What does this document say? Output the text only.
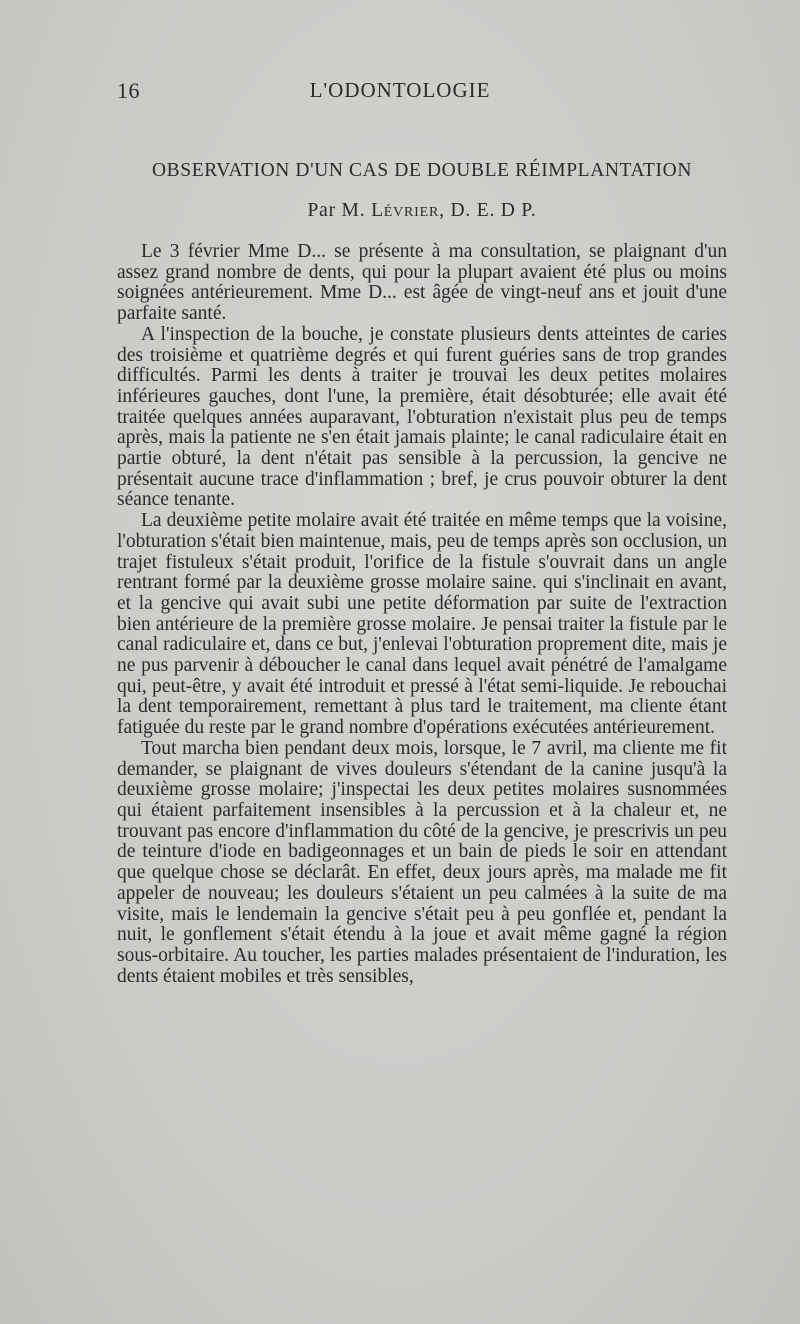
16	L'ODONTOLOGIE
OBSERVATION D'UN CAS DE DOUBLE RÉIMPLANTATION
Par M. Lévrier, D. E. D P.

Le 3 février Mme D... se présente à ma consultation, se plaignant d'un assez grand nombre de dents, qui pour la plupart avaient été plus ou moins soignées antérieurement. Mme D... est âgée de vingt-neuf ans et jouit d'une parfaite santé.

A l'inspection de la bouche, je constate plusieurs dents atteintes de caries des troisième et quatrième degrés et qui furent guéries sans de trop grandes difficultés. Parmi les dents à traiter je trouvai les deux petites molaires inférieures gauches, dont l'une, la première, était désobturée; elle avait été traitée quelques années auparavant, l'obturation n'existait plus peu de temps après, mais la patiente ne s'en était jamais plainte; le canal radiculaire était en partie obturé, la dent n'était pas sensible à la percussion, la gencive ne présentait aucune trace d'inflammation ; bref, je crus pouvoir obturer la dent séance tenante.

La deuxième petite molaire avait été traitée en même temps que la voisine, l'obturation s'était bien maintenue, mais, peu de temps après son occlusion, un trajet fistuleux s'était produit, l'orifice de la fistule s'ouvrait dans un angle rentrant formé par la deuxième grosse molaire saine. qui s'inclinait en avant, et la gencive qui avait subi une petite déformation par suite de l'extraction bien antérieure de la première grosse molaire. Je pensai traiter la fistule par le canal radiculaire et, dans ce but, j'enlevai l'obturation proprement dite, mais je ne pus parvenir à déboucher le canal dans lequel avait pénétré de l'amalgame qui, peut-être, y avait été introduit et pressé à l'état semi-liquide. Je rebouchai la dent temporairement, remettant à plus tard le traitement, ma cliente étant fatiguée du reste par le grand nombre d'opérations exécutées antérieurement.

Tout marcha bien pendant deux mois, lorsque, le 7 avril, ma cliente me fit demander, se plaignant de vives douleurs s'étendant de la canine jusqu'à la deuxième grosse molaire; j'inspectai les deux petites molaires susnommées qui étaient parfaitement insensibles à la percussion et à la chaleur et, ne trouvant pas encore d'inflammation du côté de la gencive, je prescrivis un peu de teinture d'iode en badigeonnages et un bain de pieds le soir en attendant que quelque chose se déclarât. En effet, deux jours après, ma malade me fit appeler de nouveau; les douleurs s'étaient un peu calmées à la suite de ma visite, mais le lendemain la gencive s'était peu à peu gonflée et, pendant la nuit, le gonflement s'était étendu à la joue et avait même gagné la région sous-orbitaire. Au toucher, les parties malades présentaient de l'induration, les dents étaient mobiles et très sensibles,
